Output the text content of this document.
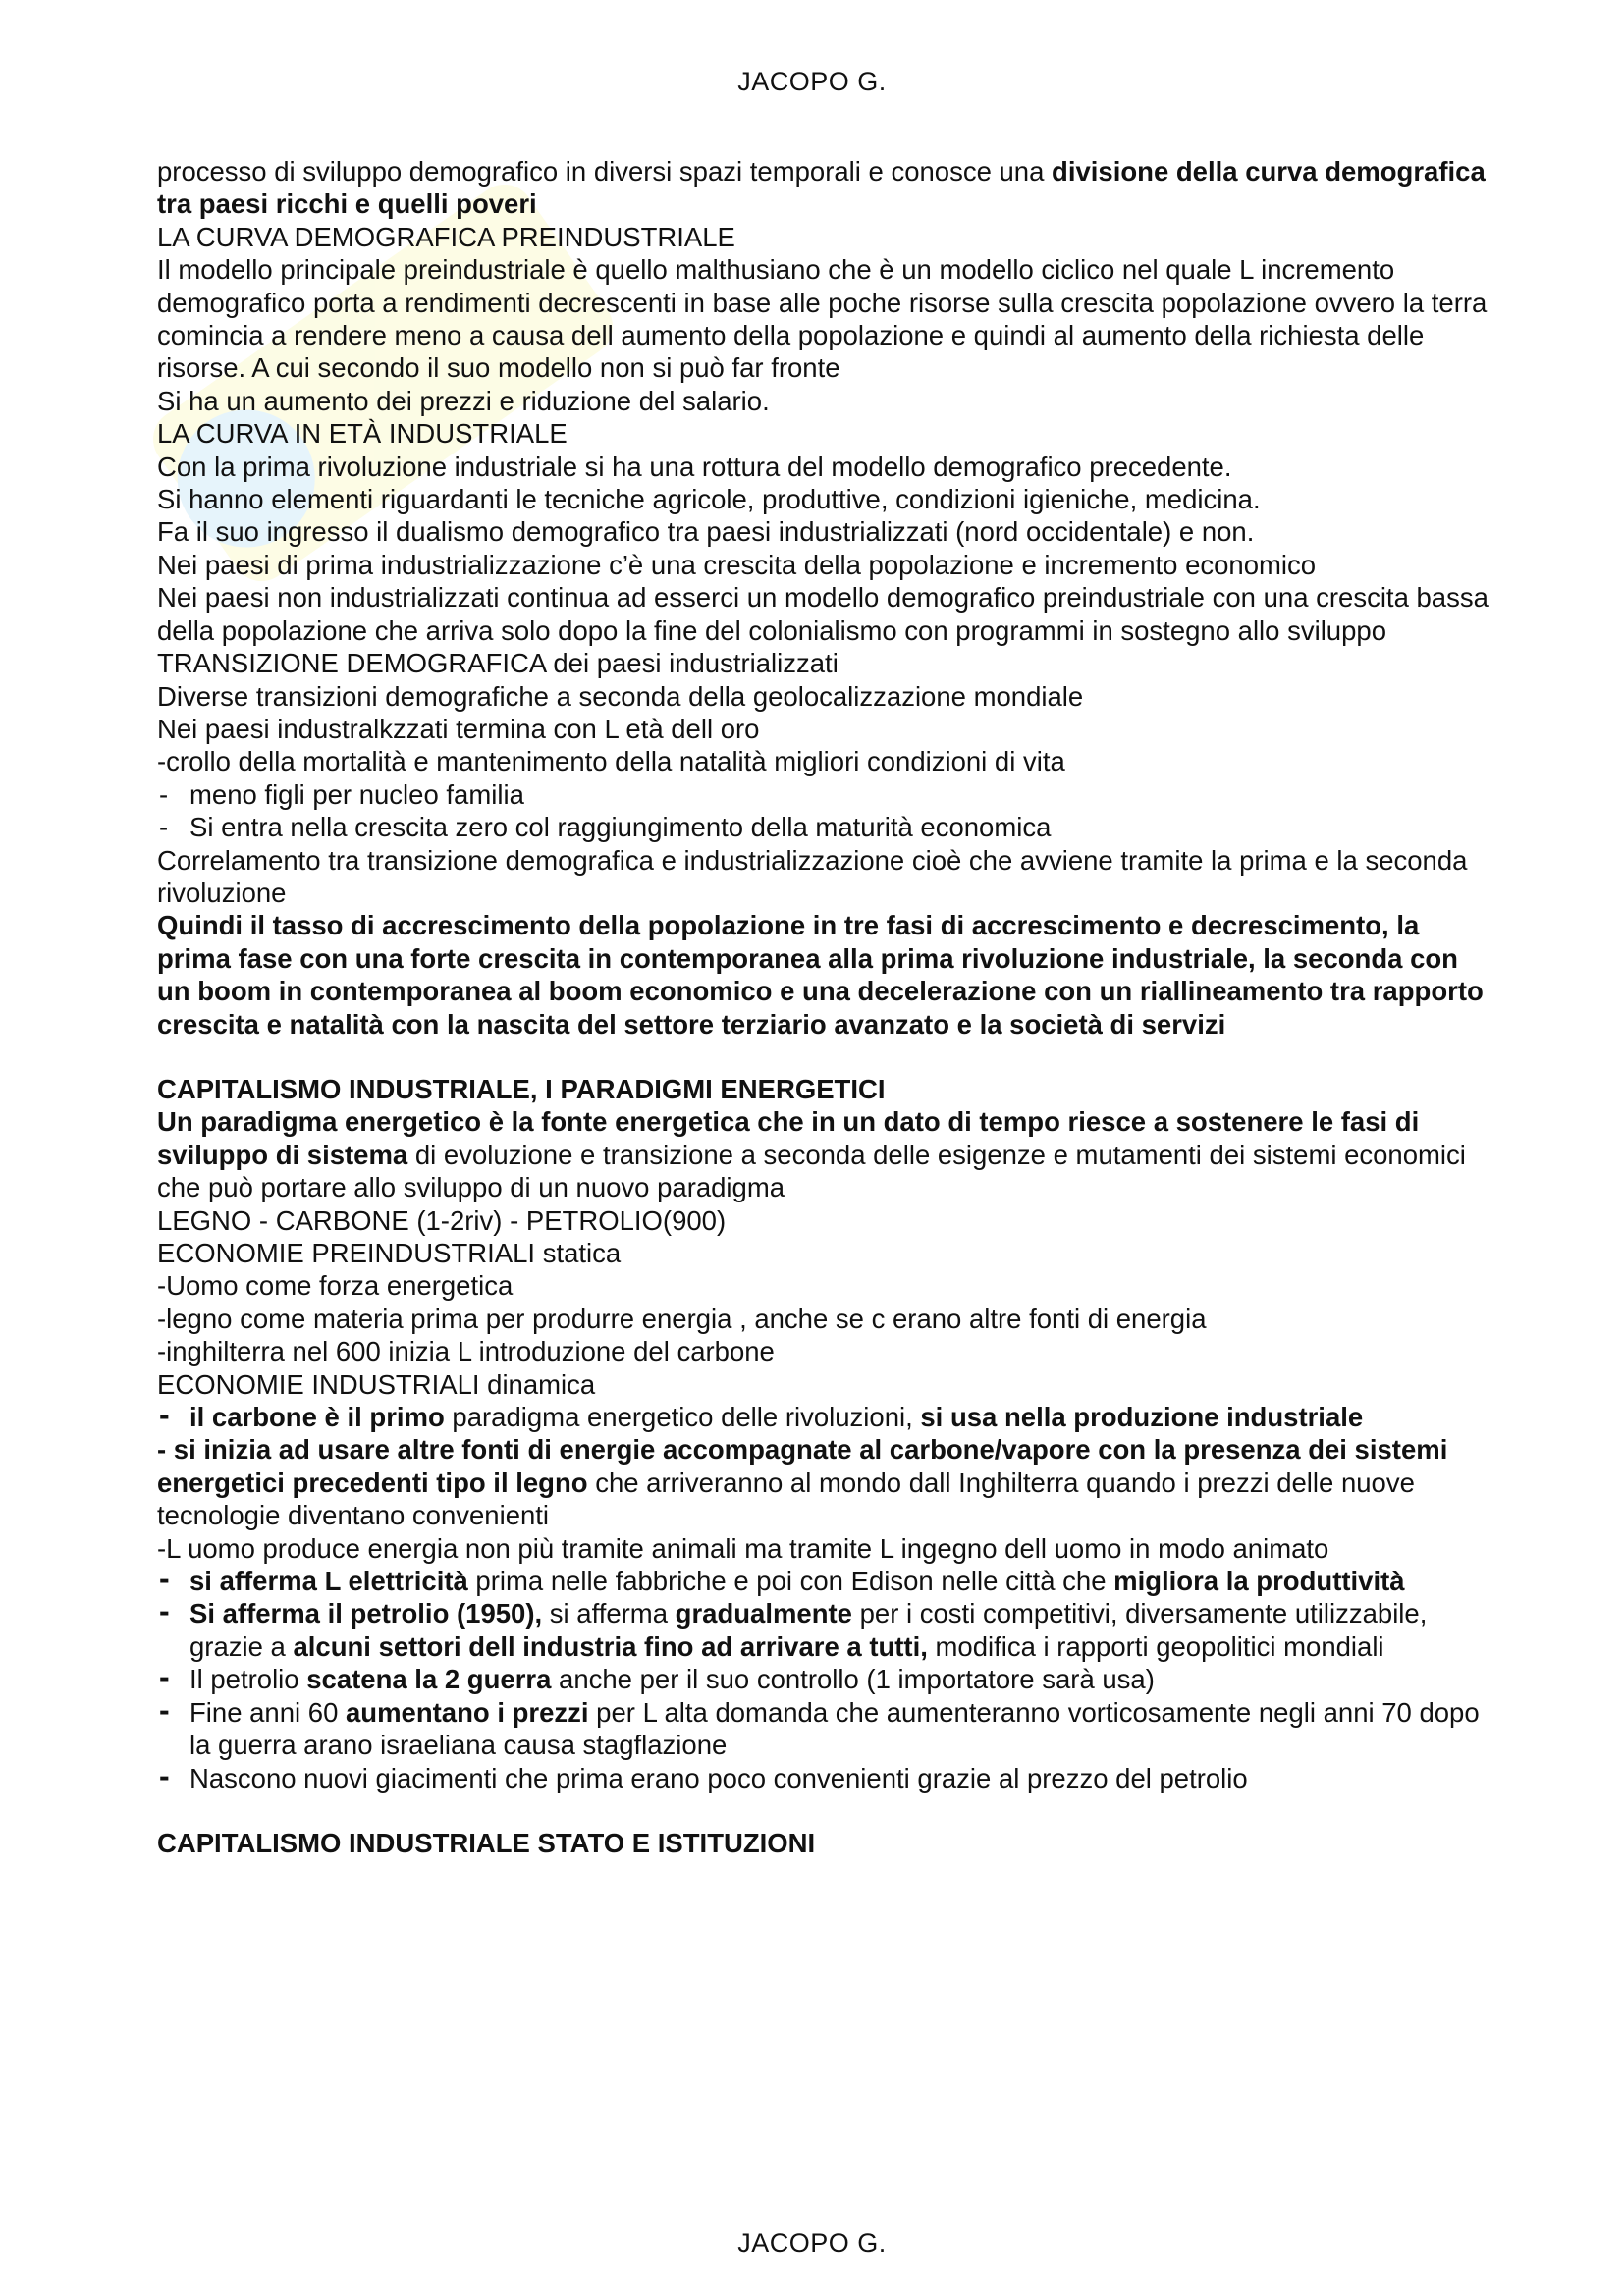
JACOPO G.

processo di sviluppo demografico in diversi spazi temporali e conosce una divisione della curva demografica tra paesi ricchi e quelli poveri

LA CURVA DEMOGRAFICA PREINDUSTRIALE

Il modello principale preindustriale è quello malthusiano che è un modello ciclico nel quale L incremento demografico porta a rendimenti decrescenti in base alle poche risorse sulla crescita popolazione ovvero la terra comincia a rendere meno a causa dell aumento della popolazione e quindi al aumento della richiesta delle risorse. A cui secondo il suo modello non si può far fronte

Si ha un aumento dei prezzi e riduzione del salario.

LA CURVA IN ETÀ INDUSTRIALE

Con la prima rivoluzione industriale si ha una rottura del modello demografico precedente.

Si hanno elementi riguardanti le tecniche agricole, produttive, condizioni igieniche, medicina.

Fa il suo ingresso il dualismo demografico tra paesi industrializzati (nord occidentale) e non.

Nei paesi di prima industrializzazione c’è una crescita della popolazione e incremento economico

Nei paesi non industrializzati continua ad esserci un modello demografico preindustriale con una crescita bassa della popolazione che arriva solo dopo la fine del colonialismo con programmi in sostegno allo sviluppo

TRANSIZIONE DEMOGRAFICA dei paesi industrializzati

Diverse transizioni demografiche a seconda della geolocalizzazione mondiale

Nei paesi industralkzzati termina con L età dell oro

-crollo della mortalità e mantenimento della natalità migliori condizioni di vita

- meno figli per nucleo familia

- Si entra nella crescita zero col raggiungimento della maturità economica

Correlamento tra transizione demografica e industrializzazione cioè che avviene tramite la prima e la seconda rivoluzione

Quindi il tasso di accrescimento della popolazione in tre fasi di accrescimento e decrescimento, la prima fase con una forte crescita in contemporanea alla prima rivoluzione industriale, la seconda con un boom in contemporanea al boom economico e una decelerazione con un riallineamento tra rapporto crescita e natalità con la nascita del settore terziario avanzato e la società di servizi

CAPITALISMO INDUSTRIALE, I PARADIGMI ENERGETICI

Un paradigma energetico è la fonte energetica che in un dato di tempo riesce a sostenere le fasi di sviluppo di sistema di evoluzione e transizione a seconda delle esigenze e mutamenti dei sistemi economici che può portare allo sviluppo di un nuovo paradigma

LEGNO - CARBONE (1-2riv) - PETROLIO(900)

ECONOMIE PREINDUSTRIALI statica

-Uomo come forza energetica

-legno come materia prima per produrre energia , anche se c erano altre fonti di energia

-inghilterra nel 600 inizia L introduzione del carbone

ECONOMIE INDUSTRIALI dinamica

- il carbone è il primo paradigma energetico delle rivoluzioni, si usa nella produzione industriale

- si inizia ad usare altre fonti di energie accompagnate al carbone/vapore con la presenza dei sistemi energetici precedenti tipo il legno che arriveranno al mondo dall Inghilterra quando i prezzi delle nuove tecnologie diventano convenienti

-L uomo produce energia non più tramite animali ma tramite L ingegno dell uomo in modo animato

- si afferma L elettricità prima nelle fabbriche e poi con Edison nelle città che migliora la produttività

- Si afferma il petrolio (1950), si afferma gradualmente per i costi competitivi, diversamente utilizzabile, grazie a alcuni settori dell industria fino ad arrivare a tutti, modifica i rapporti geopolitici mondiali

- Il petrolio scatena la 2 guerra anche per il suo controllo (1 importatore sarà usa)

- Fine anni 60 aumentano i prezzi per L alta domanda che aumenteranno vorticosamente negli anni 70 dopo la guerra arano israeliana causa stagflazione

- Nascono nuovi giacimenti che prima erano poco convenienti grazie al prezzo del petrolio

CAPITALISMO INDUSTRIALE STATO E ISTITUZIONI

JACOPO G.
